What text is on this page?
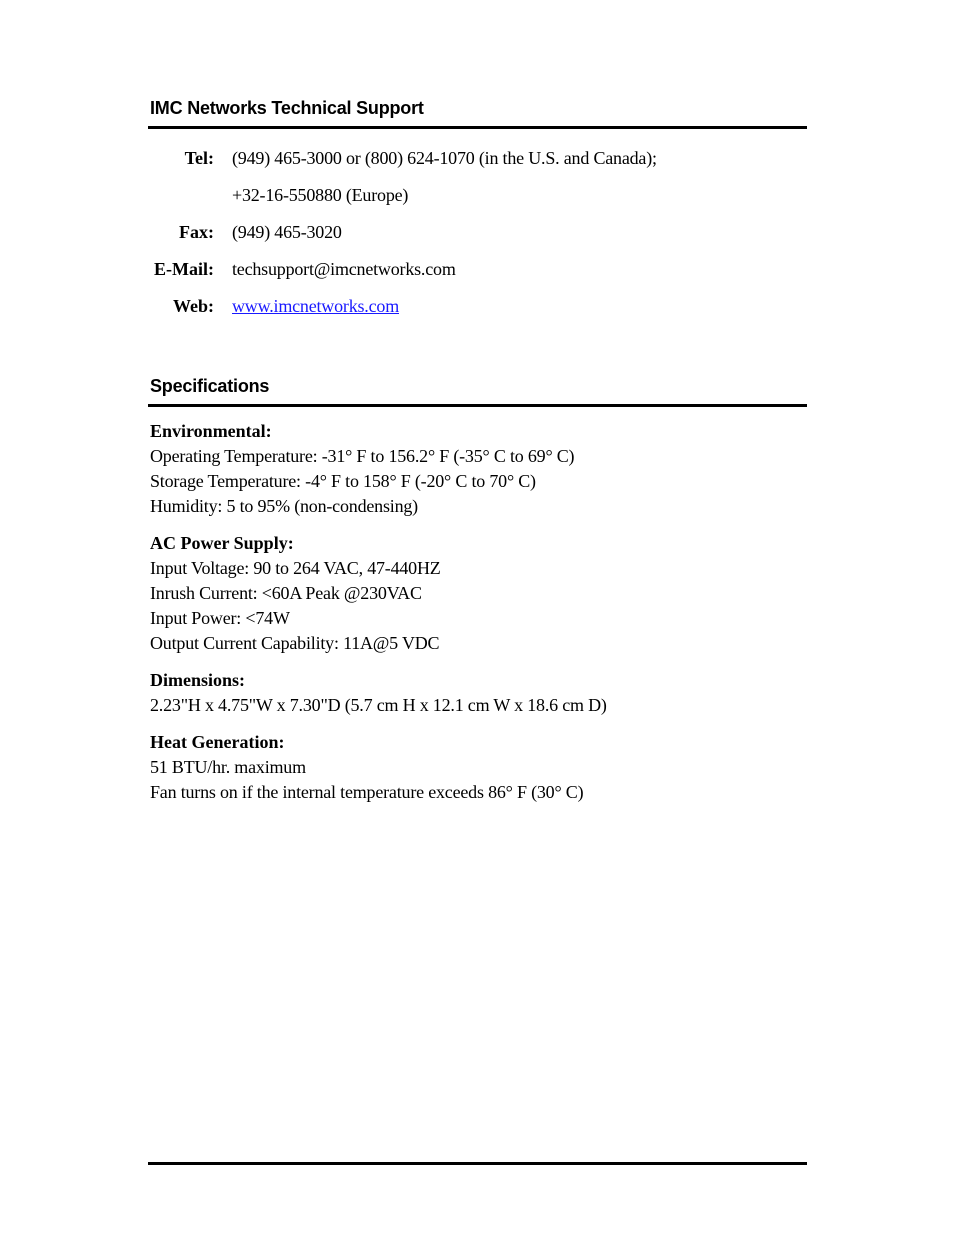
IMC Networks Technical Support
Tel:	(949) 465-3000 or (800) 624-1070 (in the U.S. and Canada);
+32-16-550880 (Europe)
Fax:	(949) 465-3020
E-Mail:	techsupport@imcnetworks.com
Web:	www.imcnetworks.com
Specifications
Environmental:
Operating Temperature: -31° F to 156.2° F (-35° C to 69° C)
Storage Temperature: -4° F to 158° F (-20° C to 70° C)
Humidity: 5 to 95% (non-condensing)
AC Power Supply:
Input Voltage: 90 to 264 VAC, 47-440HZ
Inrush Current: <60A Peak @230VAC
Input Power: <74W
Output Current Capability: 11A@5 VDC
Dimensions:
2.23"H x 4.75"W x 7.30"D (5.7 cm H x 12.1 cm W x 18.6 cm D)
Heat Generation:
51 BTU/hr. maximum
Fan turns on if the internal temperature exceeds 86° F (30° C)
